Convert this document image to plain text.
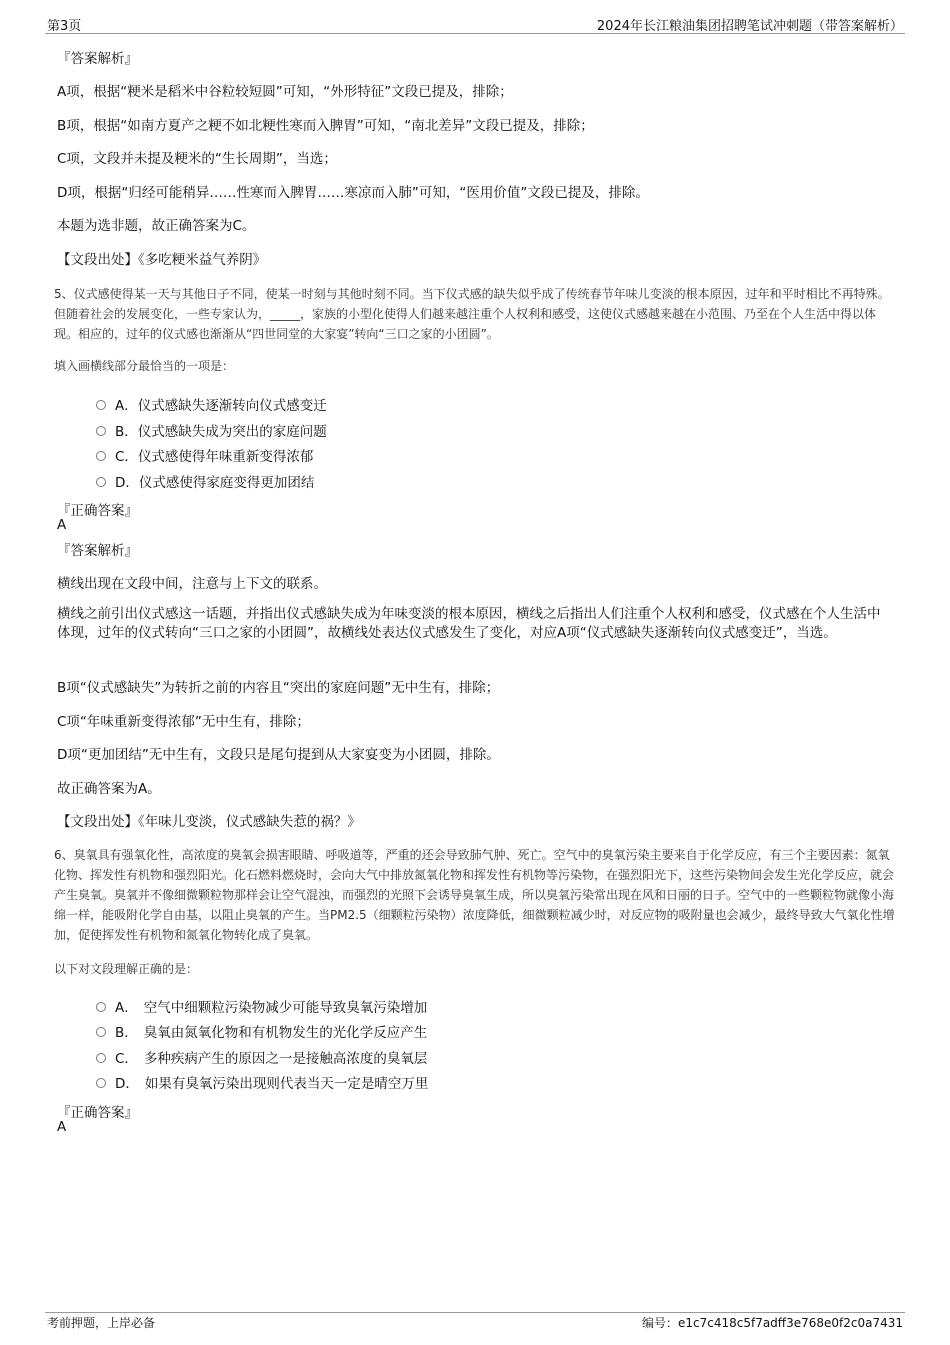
第3页	2024年长江粮油集团招聘笔试冲刺题（带答案解析）
『答案解析』
A项，根据“粳米是稻米中谷粒较短圆”可知，“外形特征”文段已提及，排除；
B项，根据“如南方夏产之粳不如北粳性寒而入脾胃”可知，“南北差异”文段已提及，排除；
C项，文段并未提及粳米的“生长周期”，当选；
D项，根据“归经可能稍异……性寒而入脾胃……寒凉而入肺”可知，“医用价值”文段已提及，排除。
本题为选非题，故正确答案为C。
【文段出处】《多吃粳米益气养阴》
5、仪式感使得某一天与其他日子不同，使某一时刻与其他时刻不同。当下仪式感的缺失似乎成了传统春节年味儿变淡的根本原因，过年和平时相比不再特殊。但随着社会的发展变化，一些专家认为，_____，家族的小型化使得人们越来越注重个人权利和感受，这使仪式感越来越在小范围、乃至在个人生活中得以体现。相应的，过年的仪式感也渐渐从“四世同堂的大家宴”转向“三口之家的小团圆”。
填入画横线部分最恰当的一项是：
A．仪式感缺失逐渐转向仪式感变迁
B．仪式感缺失成为突出的家庭问题
C．仪式感使得年味重新变得浓郁
D．仪式感使得家庭变得更加团结
『正确答案』
A
『答案解析』
横线出现在文段中间，注意与上下文的联系。
横线之前引出仪式感这一话题，并指出仪式感缺失成为年味变淡的根本原因，横线之后指出人们注重个人权利和感受，仪式感在个人生活中体现，过年的仪式转向“三口之家的小团圆”，故横线处表达仪式感发生了变化，对应A项“仪式感缺失逐渐转向仪式感变迁”，当选。
B项“仪式感缺失”为转折之前的内容且“突出的家庭问题”无中生有，排除；
C项“年味重新变得浓郁”无中生有，排除；
D项“更加团结”无中生有，文段只是尾句提到从大家宴变为小团圆，排除。
故正确答案为A。
【文段出处】《年味儿变淡，仪式感缺失惹的祸？》
6、臭氧具有强氧化性，高浓度的臭氧会损害眼睛、呼吸道等，严重的还会导致肺气肿、死亡。空气中的臭氧污染主要来自于化学反应，有三个主要因素：氮氧化物、挥发性有机物和强烈阳光。化石燃料燃烧时，会向大气中排放氮氧化物和挥发性有机物等污染物，在强烈阳光下，这些污染物间会发生光化学反应，就会产生臭氧。臭氧并不像细微颗粒物那样会让空气混浊，而强烈的光照下会诱导臭氧生成，所以臭氧污染常出现在风和日丽的日子。空气中的一些颗粒物就像小海绵一样，能吸附化学自由基，以阻止臭氧的产生。当PM2.5（细颗粒污染物）浓度降低，细微颗粒减少时，对反应物的吸附量也会减少，最终导致大气氧化性增加，促使挥发性有机物和氮氧化物转化成了臭氧。
以下对文段理解正确的是：
A． 空气中细颗粒污染物减少可能导致臭氧污染增加
B． 臭氧由氮氧化物和有机物发生的光化学反应产生
C． 多种疾病产生的原因之一是接触高浓度的臭氧层
D． 如果有臭氧污染出现则代表当天一定是晴空万里
『正确答案』
A
考前押题，上岸必备	编号：e1c7c418c5f7adff3e768e0f2c0a7431
